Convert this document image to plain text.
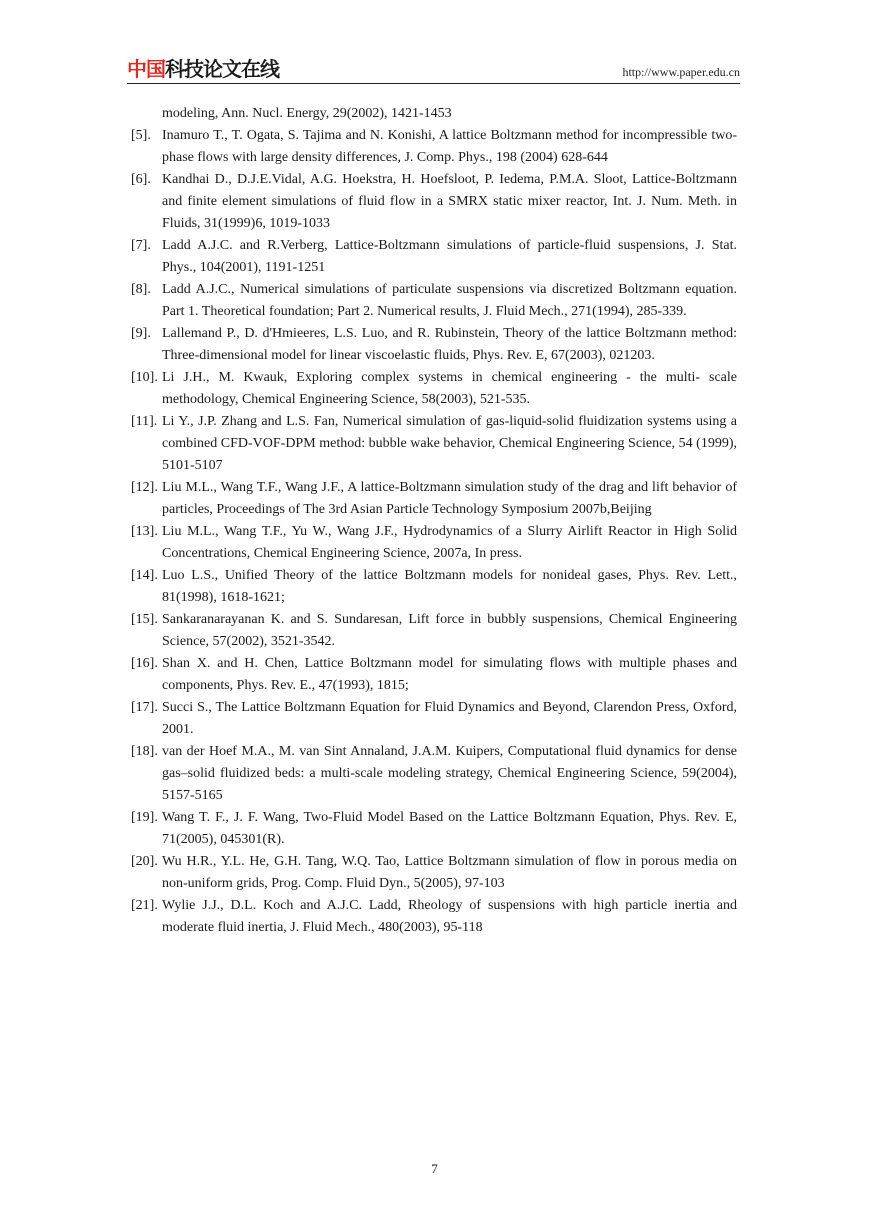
中国 科技论文在线	http://www.paper.edu.cn
modeling, Ann. Nucl. Energy, 29(2002), 1421-1453
[5]. Inamuro T., T. Ogata, S. Tajima and N. Konishi, A lattice Boltzmann method for incompressible two-phase flows with large density differences, J. Comp. Phys., 198 (2004) 628-644
[6]. Kandhai D., D.J.E.Vidal, A.G. Hoekstra, H. Hoefsloot, P. Iedema, P.M.A. Sloot, Lattice-Boltzmann and finite element simulations of fluid flow in a SMRX static mixer reactor, Int. J. Num. Meth. in Fluids, 31(1999)6, 1019-1033
[7]. Ladd A.J.C. and R.Verberg, Lattice-Boltzmann simulations of particle-fluid suspensions, J. Stat. Phys., 104(2001), 1191-1251
[8]. Ladd A.J.C., Numerical simulations of particulate suspensions via discretized Boltzmann equation. Part 1. Theoretical foundation; Part 2. Numerical results, J. Fluid Mech., 271(1994), 285-339.
[9]. Lallemand P., D. d'Hmieeres, L.S. Luo, and R. Rubinstein, Theory of the lattice Boltzmann method: Three-dimensional model for linear viscoelastic fluids, Phys. Rev. E, 67(2003), 021203.
[10]. Li J.H., M. Kwauk, Exploring complex systems in chemical engineering - the multi- scale methodology, Chemical Engineering Science, 58(2003), 521-535.
[11]. Li Y., J.P. Zhang and L.S. Fan, Numerical simulation of gas-liquid-solid fluidization systems using a combined CFD-VOF-DPM method: bubble wake behavior, Chemical Engineering Science, 54 (1999), 5101-5107
[12]. Liu M.L., Wang T.F., Wang J.F., A lattice-Boltzmann simulation study of the drag and lift behavior of particles, Proceedings of The 3rd Asian Particle Technology Symposium 2007b,Beijing
[13]. Liu M.L., Wang T.F., Yu W., Wang J.F., Hydrodynamics of a Slurry Airlift Reactor in High Solid Concentrations, Chemical Engineering Science, 2007a, In press.
[14]. Luo L.S., Unified Theory of the lattice Boltzmann models for nonideal gases, Phys. Rev. Lett., 81(1998), 1618-1621;
[15]. Sankaranarayanan K. and S. Sundaresan, Lift force in bubbly suspensions, Chemical Engineering Science, 57(2002), 3521-3542.
[16]. Shan X. and H. Chen, Lattice Boltzmann model for simulating flows with multiple phases and components, Phys. Rev. E., 47(1993), 1815;
[17]. Succi S., The Lattice Boltzmann Equation for Fluid Dynamics and Beyond, Clarendon Press, Oxford, 2001.
[18]. van der Hoef M.A., M. van Sint Annaland, J.A.M. Kuipers, Computational fluid dynamics for dense gas–solid fluidized beds: a multi-scale modeling strategy, Chemical Engineering Science, 59(2004), 5157-5165
[19]. Wang T. F., J. F. Wang, Two-Fluid Model Based on the Lattice Boltzmann Equation, Phys. Rev. E, 71(2005), 045301(R).
[20]. Wu H.R., Y.L. He, G.H. Tang, W.Q. Tao, Lattice Boltzmann simulation of flow in porous media on non-uniform grids, Prog. Comp. Fluid Dyn., 5(2005), 97-103
[21]. Wylie J.J., D.L. Koch and A.J.C. Ladd, Rheology of suspensions with high particle inertia and moderate fluid inertia, J. Fluid Mech., 480(2003), 95-118
7
